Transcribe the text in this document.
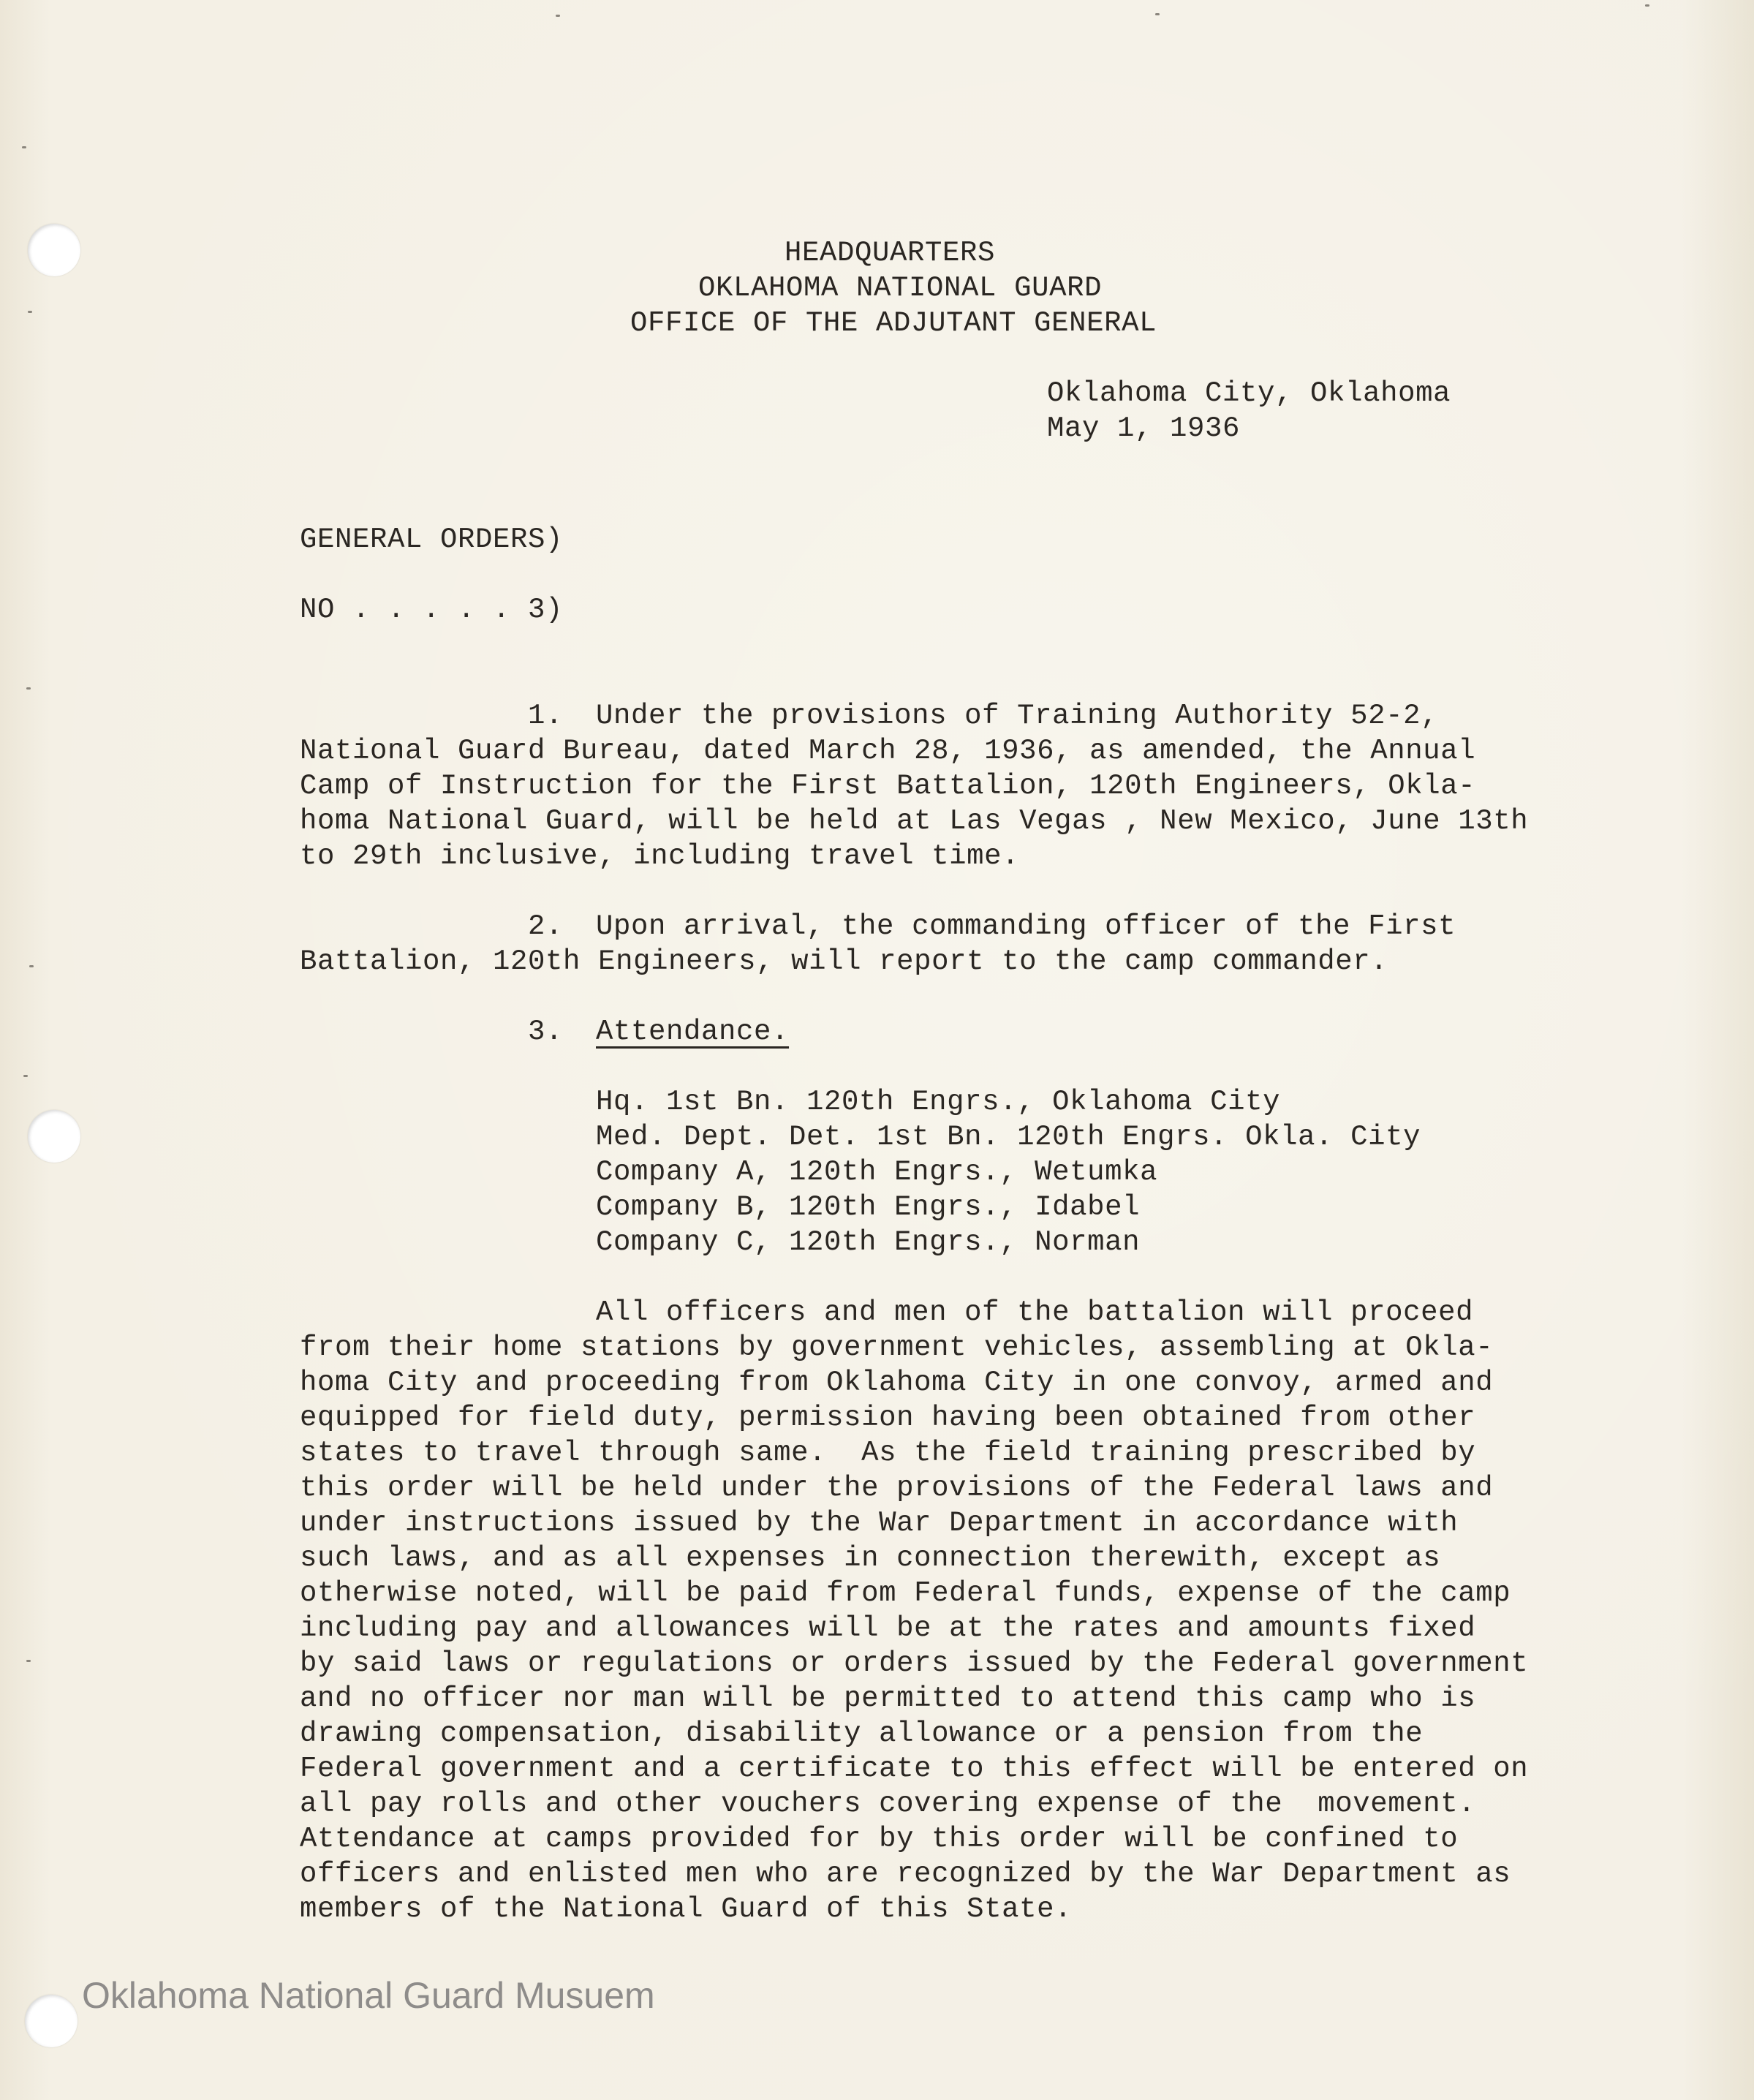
HEADQUARTERS
OKLAHOMA NATIONAL GUARD
OFFICE OF THE ADJUTANT GENERAL
Oklahoma City, Oklahoma
May 1, 1936
GENERAL ORDERS)
NO . . . . . 3)
1. Under the provisions of Training Authority 52-2,
National Guard Bureau, dated March 28, 1936, as amended, the Annual
Camp of Instruction for the First Battalion, 120th Engineers, Okla-
homa National Guard, will be held at Las Vegas , New Mexico, June 13th
to 29th inclusive, including travel time.
2. Upon arrival, the commanding officer of the First
Battalion, 120th Engineers, will report to the camp commander.
3. Attendance.
Hq. 1st Bn. 120th Engrs., Oklahoma City
Med. Dept. Det. 1st Bn. 120th Engrs. Okla. City
Company A, 120th Engrs., Wetumka
Company B, 120th Engrs., Idabel
Company C, 120th Engrs., Norman
All officers and men of the battalion will proceed
from their home stations by government vehicles, assembling at Okla-
homa City and proceeding from Oklahoma City in one convoy, armed and
equipped for field duty, permission having been obtained from other
states to travel through same.  As the field training prescribed by
this order will be held under the provisions of the Federal laws and
under instructions issued by the War Department in accordance with
such laws, and as all expenses in connection therewith, except as
otherwise noted, will be paid from Federal funds, expense of the camp
including pay and allowances will be at the rates and amounts fixed
by said laws or regulations or orders issued by the Federal government
and no officer nor man will be permitted to attend this camp who is
drawing compensation, disability allowance or a pension from the
Federal government and a certificate to this effect will be entered on
all pay rolls and other vouchers covering expense of the  movement.
Attendance at camps provided for by this order will be confined to
officers and enlisted men who are recognized by the War Department as
members of the National Guard of this State.
Oklahoma National Guard Musuem
